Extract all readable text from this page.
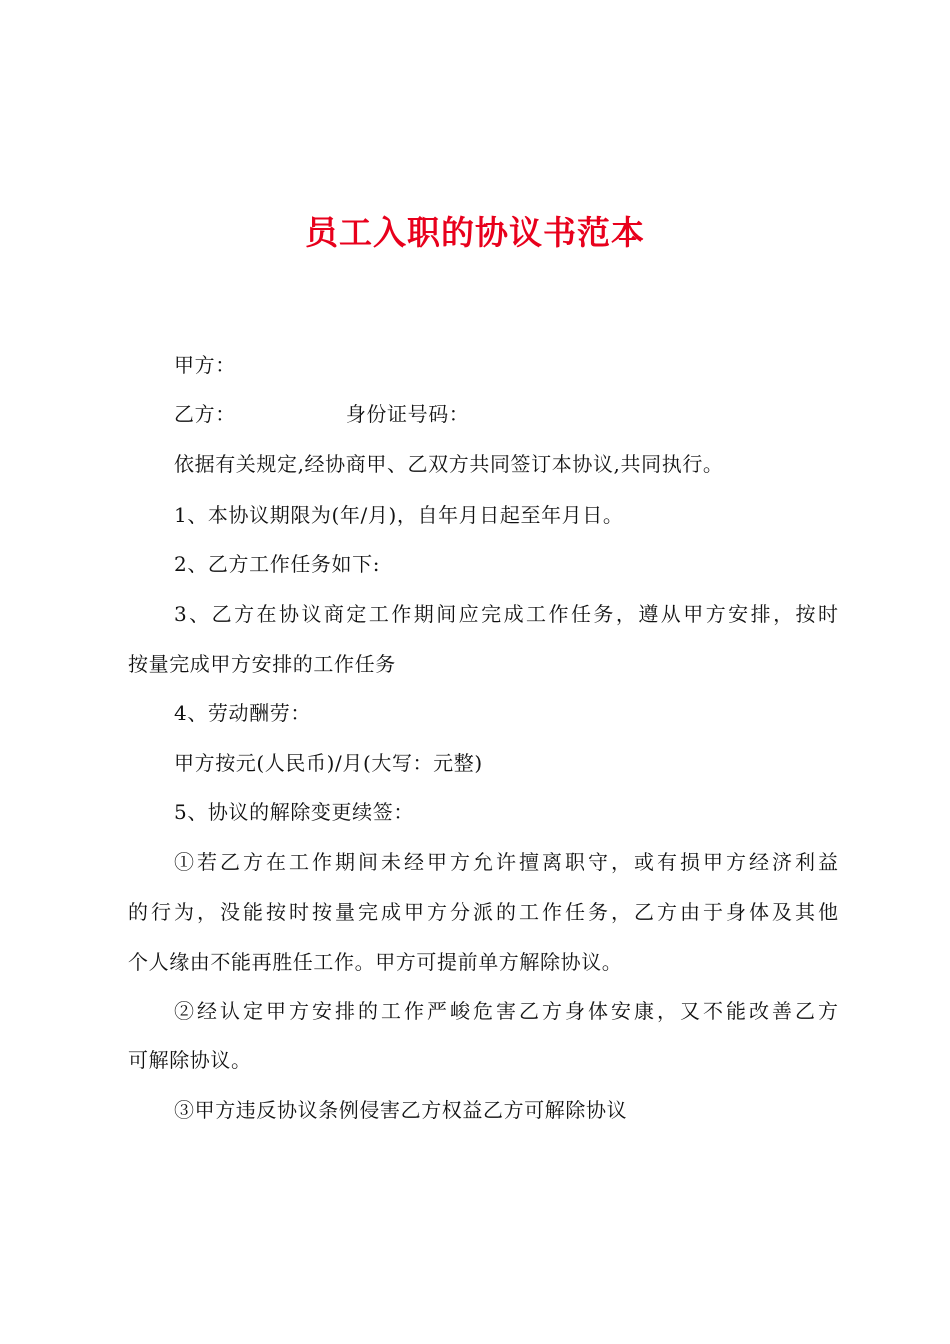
员工入职的协议书范本
甲方：
乙方：	身份证号码：
依据有关规定,经协商甲、乙双方共同签订本协议,共同执行。
1、本协议期限为(年/月)，自年月日起至年月日。
2、乙方工作任务如下:
3、乙方在协议商定工作期间应完成工作任务，遵从甲方安排，按时
按量完成甲方安排的工作任务
4、劳动酬劳：
甲方按元(人民币)/月(大写：元整)
5、协议的解除变更续签：
①若乙方在工作期间未经甲方允许擅离职守，或有损甲方经济利益
的行为，没能按时按量完成甲方分派的工作任务，乙方由于身体及其他
个人缘由不能再胜任工作。甲方可提前单方解除协议。
②经认定甲方安排的工作严峻危害乙方身体安康，又不能改善乙方
可解除协议。
③甲方违反协议条例侵害乙方权益乙方可解除协议
